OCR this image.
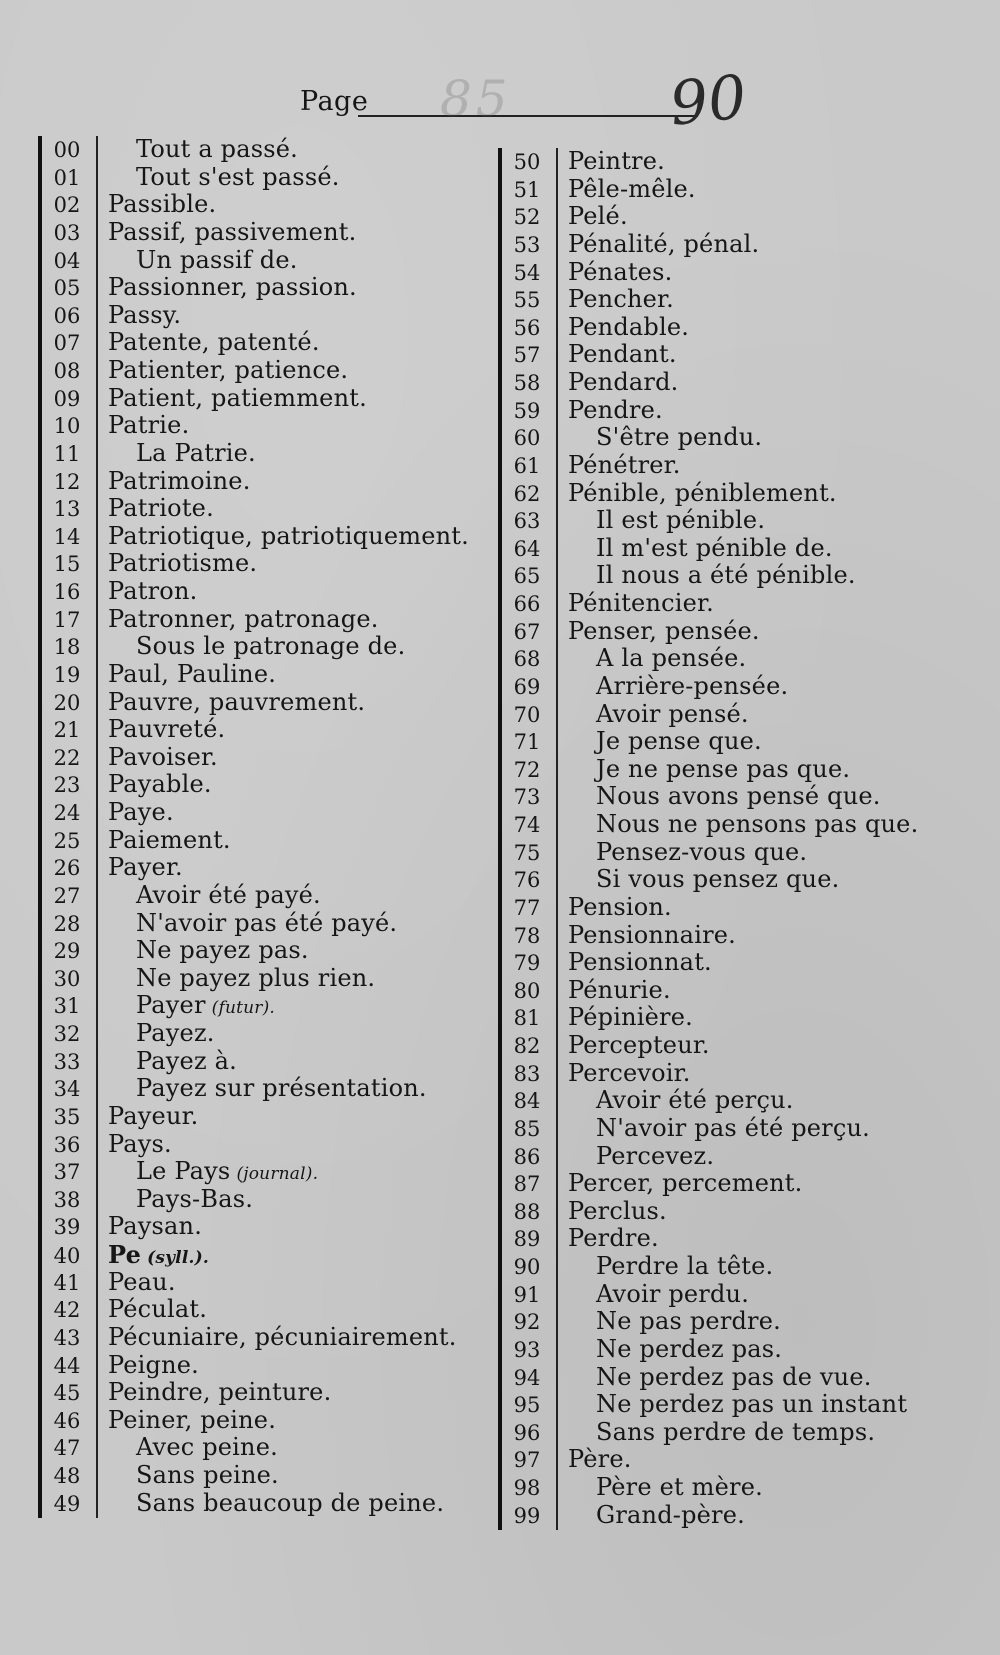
Page 85	90
00	Tout a passé.
01	Tout s'est passé.
02	Passible.
03	Passif, passivement.
04	Un passif de.
05	Passionner, passion.
06	Passy.
07	Patente, patenté.
08	Patienter, patience.
09	Patient, patiemment.
10	Patrie.
11	La Patrie.
12	Patrimoine.
13	Patriote.
14	Patriotique, patriotiquement.
15	Patriotisme.
16	Patron.
17	Patronner, patronage.
18	Sous le patronage de.
19	Paul, Pauline.
20	Pauvre, pauvrement.
21	Pauvreté.
22	Pavoiser.
23	Payable.
24	Paye.
25	Paiement.
26	Payer.
27	Avoir été payé.
28	N'avoir pas été payé.
29	Ne payez pas.
30	Ne payez plus rien.
31	Payer (futur).
32	Payez.
33	Payez à.
34	Payez sur présentation.
35	Payeur.
36	Pays.
37	Le Pays (journal).
38	Pays-Bas.
39	Paysan.
40	Pe (syll.).
41	Peau.
42	Péculat.
43	Pécuniaire, pécuniairement.
44	Peigne.
45	Peindre, peinture.
46	Peiner, peine.
47	Avec peine.
48	Sans peine.
49	Sans beaucoup de peine.
50	Peintre.
51	Pêle-mêle.
52	Pelé.
53	Pénalité, pénal.
54	Pénates.
55	Pencher.
56	Pendable.
57	Pendant.
58	Pendard.
59	Pendre.
60	S'être pendu.
61	Pénétrer.
62	Pénible, péniblement.
63	Il est pénible.
64	Il m'est pénible de.
65	Il nous a été pénible.
66	Pénitencier.
67	Penser, pensée.
68	A la pensée.
69	Arrière-pensée.
70	Avoir pensé.
71	Je pense que.
72	Je ne pense pas que.
73	Nous avons pensé que.
74	Nous ne pensons pas que.
75	Pensez-vous que.
76	Si vous pensez que.
77	Pension.
78	Pensionnaire.
79	Pensionnat.
80	Pénurie.
81	Pépinière.
82	Percepteur.
83	Percevoir.
84	Avoir été perçu.
85	N'avoir pas été perçu.
86	Percevez.
87	Percer, percement.
88	Perclus.
89	Perdre.
90	Perdre la tête.
91	Avoir perdu.
92	Ne pas perdre.
93	Ne perdez pas.
94	Ne perdez pas de vue.
95	Ne perdez pas un instant
96	Sans perdre de temps.
97	Père.
98	Père et mère.
99	Grand-père.
